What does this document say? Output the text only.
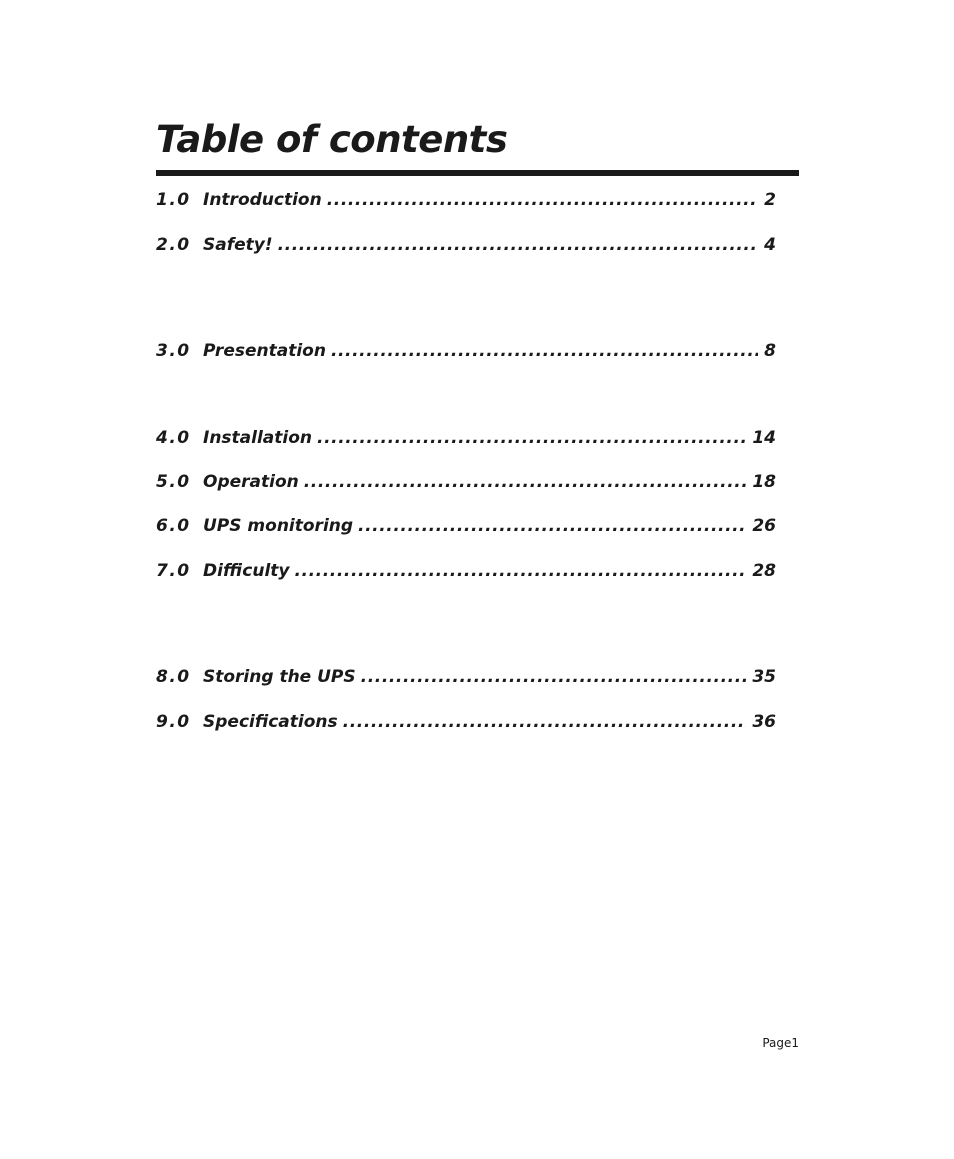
Table of contents
1.0 Introduction .....	2
2.0 Safety! .....	4
3.0 Presentation .....	8
4.0 Installation .....	14
5.0 Operation .....	18
6.0 UPS monitoring .....	26
7.0 Difficulty .....	28
8.0 Storing the UPS .....	35
9.0 Specifications .....	36
Page1
